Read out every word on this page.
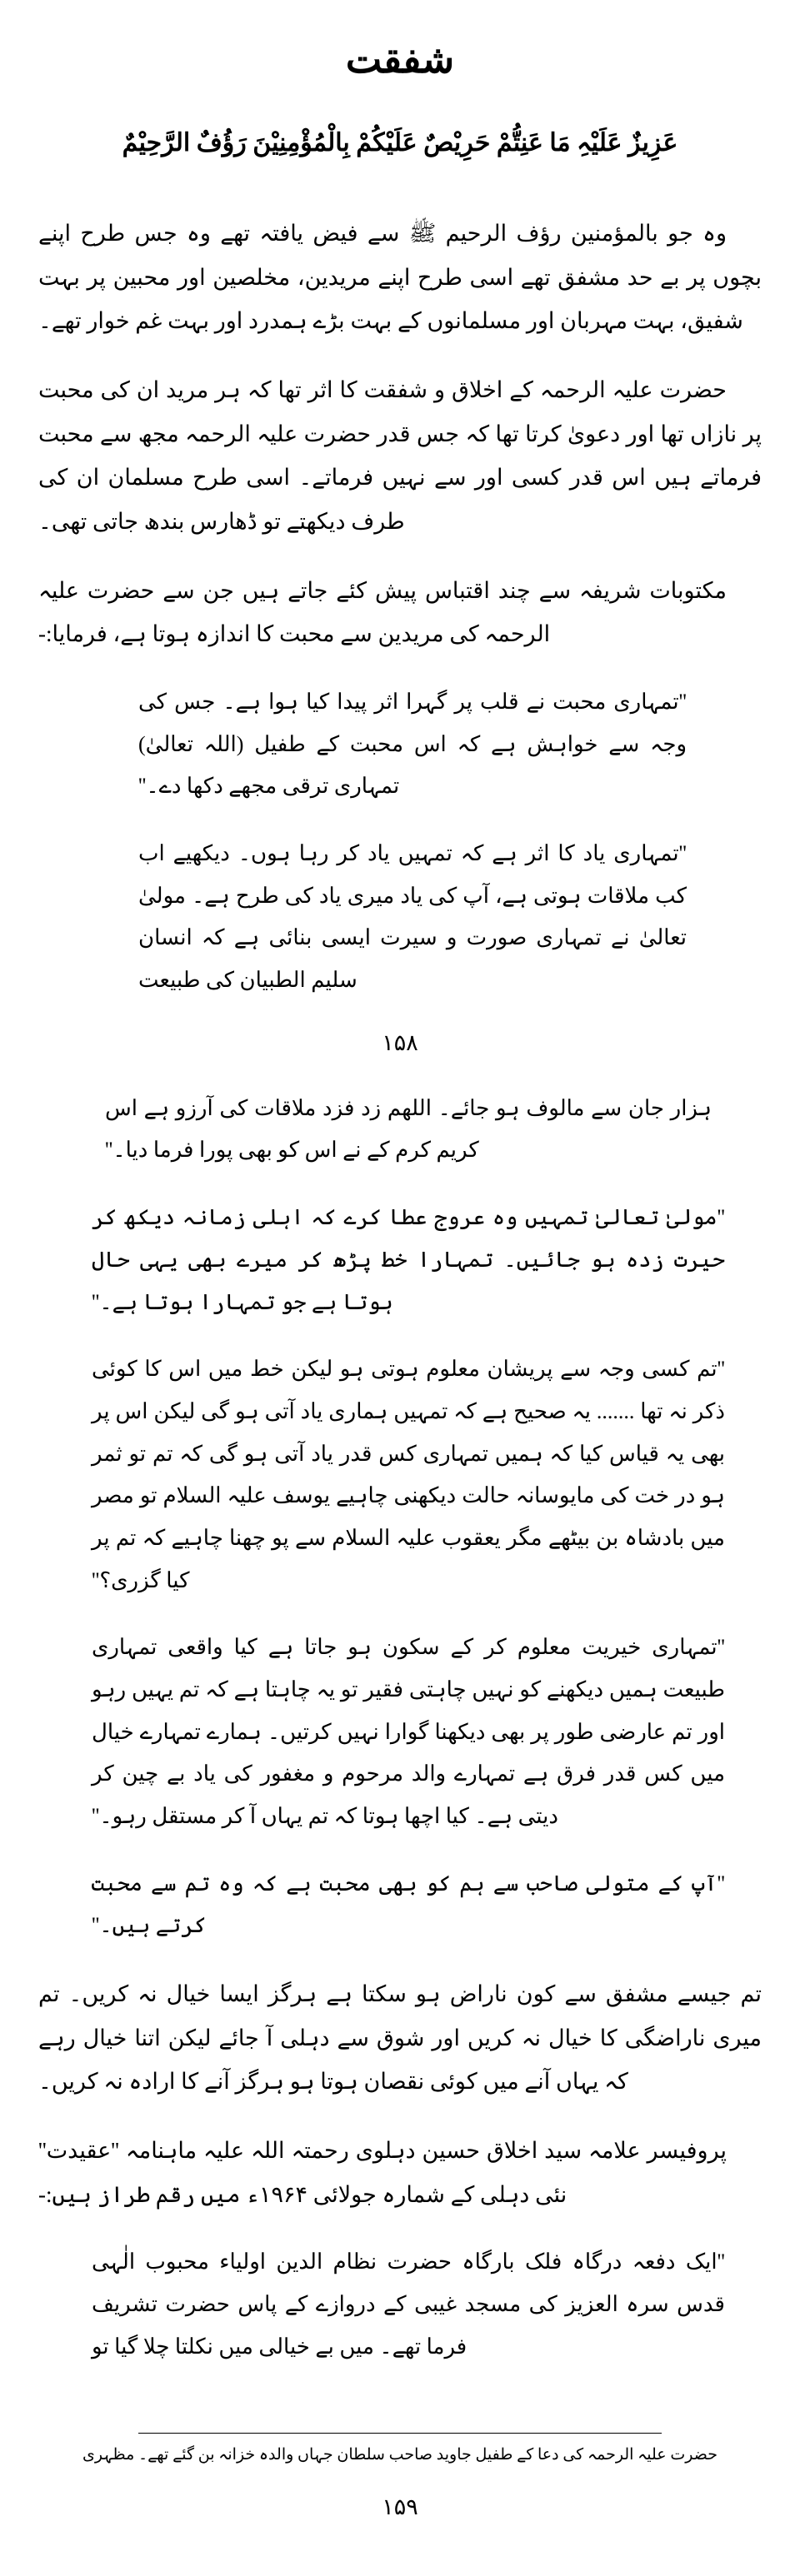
شفقت
عَزِیزٌ عَلَیْہِ مَا عَنِتُّمْ حَرِیْصٌ عَلَیْکُمْ بِالْمُؤْمِنِیْنَ رَؤُفٌ الرَّحِیْمٌ

وہ جو بالمؤمنین رؤف الرحیم ﷺ سے فیض یافتہ تھے وہ جس طرح اپنے بچوں پر بے حد مشفق تھے اسی طرح اپنے مریدین، مخلصین اور محبین پر بہت شفیق، بہت مہربان اور مسلمانوں کے بہت بڑے ہمدرد اور بہت غم خوار تھے۔

حضرت علیہ الرحمہ کے اخلاق و شفقت کا اثر تھا کہ ہر مرید ان کی محبت پر نازاں تھا اور دعویٰ کرتا تھا کہ جس قدر حضرت علیہ الرحمہ مجھ سے محبت فرماتے ہیں اس قدر کسی اور سے نہیں فرماتے۔ اسی طرح مسلمان ان کی طرف دیکھتے تو ڈھارس بندھ جاتی تھی۔

مکتوبات شریفہ سے چند اقتباس پیش کئے جاتے ہیں جن سے حضرت علیہ الرحمہ کی مریدین سے محبت کا اندازہ ہوتا ہے، فرمایا:-

''تمہاری محبت نے قلب پر گہرا اثر پیدا کیا ہوا ہے۔ جس کی وجہ سے خواہش ہے کہ اس محبت کے طفیل (اللہ تعالیٰ) تمہاری ترقی مجھے دکھا دے۔''

''تمہاری یاد کا اثر ہے کہ تمہیں یاد کر رہا ہوں۔ دیکھیے اب کب ملاقات ہوتی ہے، آپ کی یاد میری یاد کی طرح ہے۔ مولیٰ تعالیٰ نے تمہاری صورت و سیرت ایسی بنائی ہے کہ انسان سلیم الطبیان کی طبیعت

۱۵۸

ہزار جان سے مالوف ہو جائے۔ اللھم زد فزد ملاقات کی آرزو ہے اس کریم کرم کے نے اس کو بھی پورا فرما دیا۔''

''مولیٰ تعالیٰ تمہیں وہ عروج عطا کرے کہ اہلی زمانہ دیکھ کر حیرت زدہ ہو جائیں۔ تمہارا خط پڑھ کر میرے بھی یہی حال ہوتا ہے جو تمہارا ہوتا ہے۔''

''تم کسی وجہ سے پریشان معلوم ہوتی ہو لیکن خط میں اس کا کوئی ذکر نہ تھا ....... یہ صحیح ہے کہ تمہیں ہماری یاد آتی ہو گی لیکن اس پر بھی یہ قیاس کیا کہ ہمیں تمہاری کس قدر یاد آتی ہو گی کہ تم تو ثمر ہو در خت کی مایوسانہ حالت دیکھنی چاہیے یوسف علیہ السلام تو مصر میں بادشاہ بن بیٹھے مگر یعقوب علیہ السلام سے پو چھنا چاہیے کہ تم پر کیا گزری؟''

''تمہاری خیریت معلوم کر کے سکون ہو جاتا ہے کیا واقعی تمہاری طبیعت ہمیں دیکھنے کو نہیں چاہتی فقیر تو یہ چاہتا ہے کہ تم یہیں رہو اور تم عارضی طور پر بھی دیکھنا گوارا نہیں کرتیں۔ ہمارے تمہارے خیال میں کس قدر فرق ہے تمہارے والد مرحوم و مغفور کی یاد بے چین کر دیتی ہے۔ کیا اچھا ہوتا کہ تم یہاں آ کر مستقل رہو۔''

''آپ کے متولی صاحب سے ہم کو بھی محبت ہے کہ وہ تم سے محبت کرتے ہیں۔''

تم جیسے مشفق سے کون ناراض ہو سکتا ہے ہرگز ایسا خیال نہ کریں۔ تم میری ناراضگی کا خیال نہ کریں اور شوق سے دہلی آ جائے لیکن اتنا خیال رہے کہ یہاں آنے میں کوئی نقصان ہوتا ہو ہرگز آنے کا ارادہ نہ کریں۔

پروفیسر علامہ سید اخلاق حسین دہلوی رحمتہ اللہ علیہ ماہنامہ ''عقیدت'' نئی دہلی کے شمارہ جولائی ۱۹۶۴ء میں رقم طراز ہیں:-

''ایک دفعہ درگاہ فلک بارگاہ حضرت نظام الدین اولیاء محبوب الٰہی قدس سرہ العزیز کی مسجد غیبی کے دروازے کے پاس حضرت تشریف فرما تھے۔ میں بے خیالی میں نکلتا چلا گیا تو

حضرت علیہ الرحمہ کی دعا کے طفیل جاوید صاحب سلطان جہاں والدہ خزانہ بن گئے تھے۔ مظہری
۱۵۹
